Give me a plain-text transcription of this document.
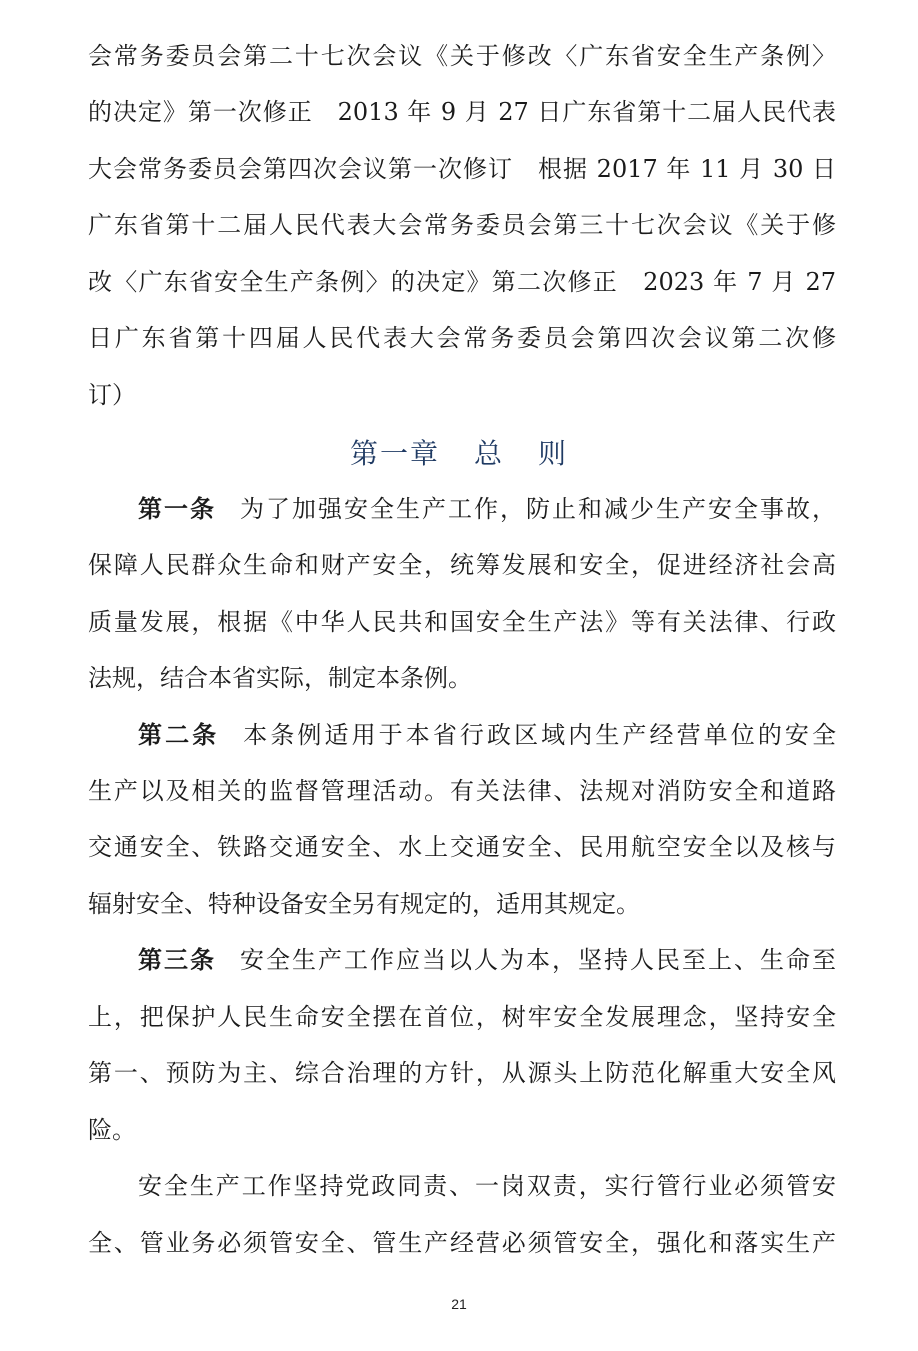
会常务委员会第二十七次会议《关于修改〈广东省安全生产条例〉
的决定》第一次修正　2013 年 9 月 27 日广东省第十二届人民代表
大会常务委员会第四次会议第一次修订　根据 2017 年 11 月 30 日
广东省第十二届人民代表大会常务委员会第三十七次会议《关于修
改〈广东省安全生产条例〉的决定》第二次修正　2023 年 7 月 27
日广东省第十四届人民代表大会常务委员会第四次会议第二次修
订）
第一章 总 则
第一条 为了加强安全生产工作，防止和减少生产安全事故，
保障人民群众生命和财产安全，统筹发展和安全，促进经济社会高
质量发展，根据《中华人民共和国安全生产法》等有关法律、行政
法规，结合本省实际，制定本条例。
第二条 本条例适用于本省行政区域内生产经营单位的安全
生产以及相关的监督管理活动。有关法律、法规对消防安全和道路
交通安全、铁路交通安全、水上交通安全、民用航空安全以及核与
辐射安全、特种设备安全另有规定的，适用其规定。
第三条 安全生产工作应当以人为本，坚持人民至上、生命至
上，把保护人民生命安全摆在首位，树牢安全发展理念，坚持安全
第一、预防为主、综合治理的方针，从源头上防范化解重大安全风
险。
安全生产工作坚持党政同责、一岗双责，实行管行业必须管安
全、管业务必须管安全、管生产经营必须管安全，强化和落实生产
21
